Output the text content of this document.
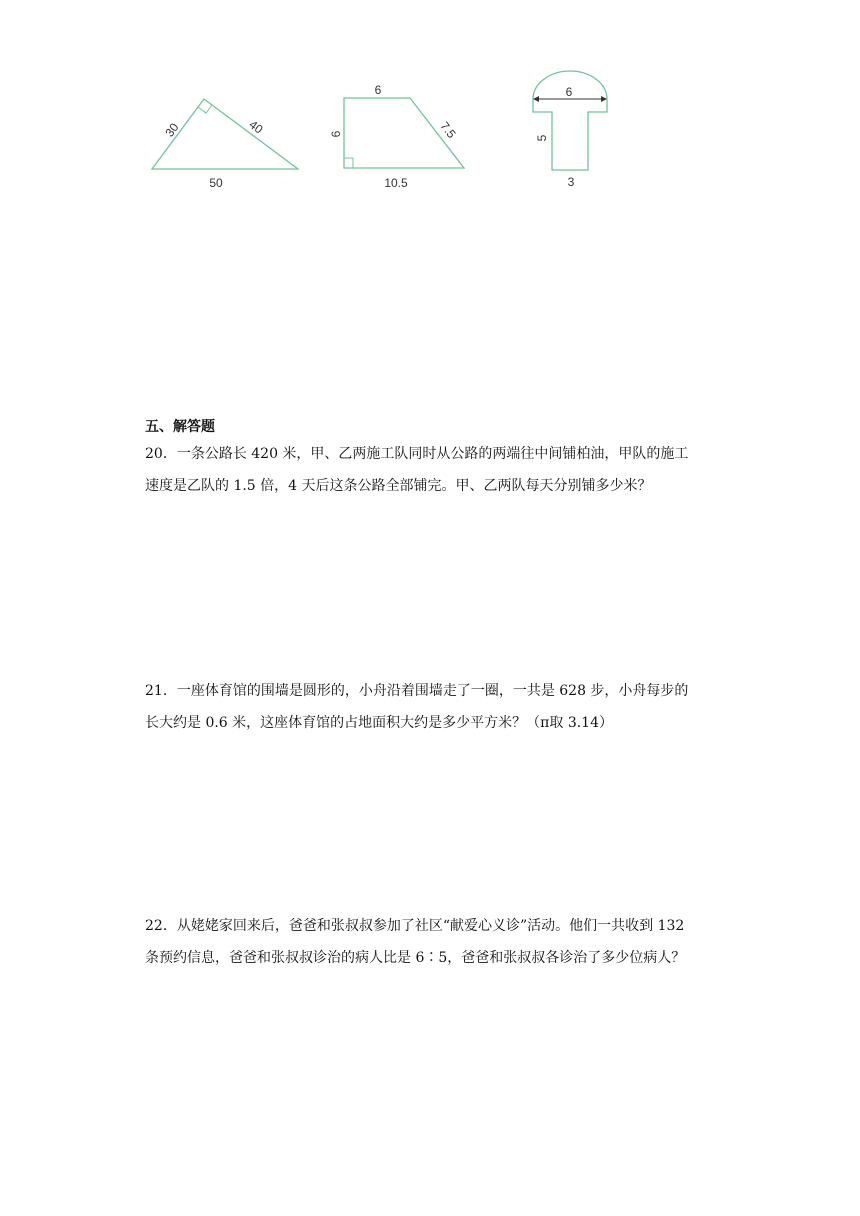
30	40
50
6
6	7.5
10.5
6
5
3
五、解答题
20．一条公路长 420 米，甲、乙两施工队同时从公路的两端往中间铺柏油，甲队的施工
速度是乙队的 1.5 倍，4 天后这条公路全部铺完。甲、乙两队每天分别铺多少米？
21．一座体育馆的围墙是圆形的，小舟沿着围墙走了一圈，一共是 628 步，小舟每步的
长大约是 0.6 米，这座体育馆的占地面积大约是多少平方米？（π取 3.14）
22．从姥姥家回来后，爸爸和张叔叔参加了社区“献爱心义诊”活动。他们一共收到 132
条预约信息，爸爸和张叔叔诊治的病人比是 6∶5，爸爸和张叔叔各诊治了多少位病人？
